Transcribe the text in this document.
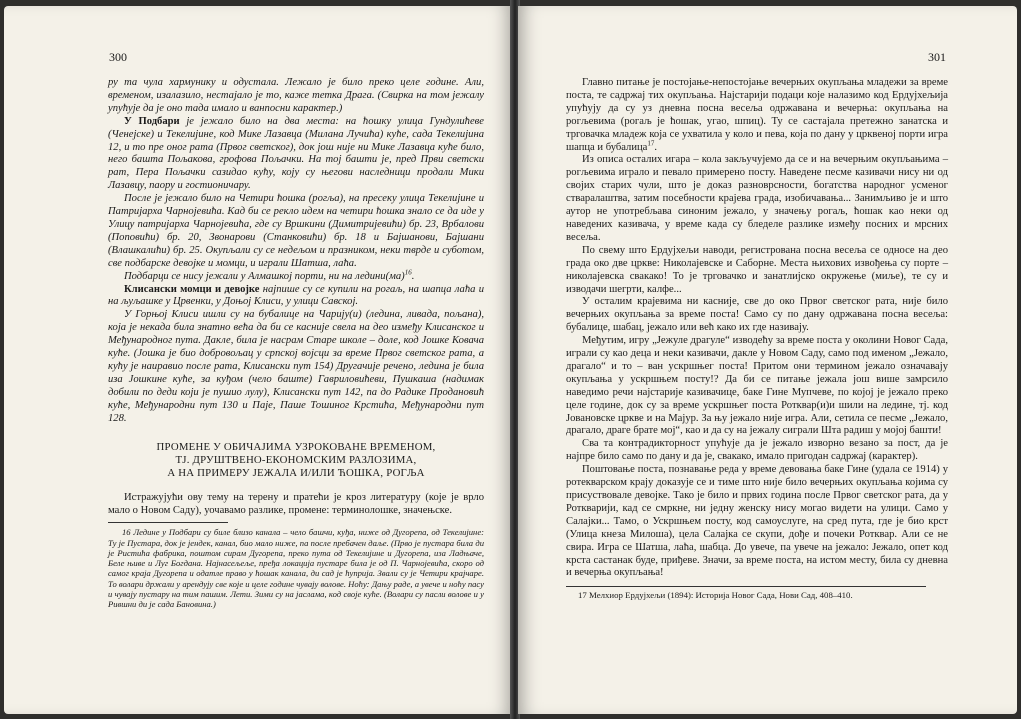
300

ру та чула хармунику и одустала. Лежало је било преко целе године. Али, временом, изалазило, нестајало је то, каже тетка Драга. (Свирка на том јежалу упућује да је оно тада имало и ванпосни карактер.)

У Подбари је јежало било на два места: на ћошку улица Гундулићеве (Ченејске) и Текелијине, код Мике Лазавца (Милана Лучића) куће, сада Текелијина 12, и то пре оног рата (Првог светског), док још није ни Мике Лазавца куће било, него башта Пољакова, грофова Пољачки. На тој башти је, пред Први светски рат, Пера Пољачки сазидао кућу, коју су његови наследници продали Мики Лазавцу, паору и гостионичару.

После је јежало било на Четири ћошка (рогља), на пресеку улица Текелијине и Патријарха Чарнојевића. Кад би се рекло идем на четири ћошка знало се да иде у Улицу патријарха Чарнојевића, где су Вршкини (Димитријевићи) бр. 23, Врбалови (Поповићи) бр. 20, Звонарови (Станковићи) бр. 18 и Бајшанови, Бајшани (Влашкалићи) бр. 25. Окупљали су се недељом и празником, неки тврде и суботом, све подбарске девојке и момци, и играли Шатша, лаћа.

Подбарци се нису јежали у Алмашкој порти, ни на ледини(ма)$^{16}$.

Клисански момци и девојке најпише су се купили на рогаљ, на шапца лаћа и на љуљашке у Црвенки, у Доњој Клиси, у улици Савској.

У Горњој Клиси ишли су на бубалице на Чарију(и) (ледина, ливада, пољана), која је некада била знатно већа да би се касније свела на део између Клисанског и Међународног пута. Дакле, била је насрам Старе школе – доле, код Јошке Ковача куће. (Јошка је био добровољац у српској војсци за време Првог светског рата, а кућу је наиравио после рата, Клисански пут 154) Другачије речено, ледина је била иза Јошкине куће, за куђом (чело баште) Гавриловићеви, Пушкаша (надимак добили по деди који је пушио лулу), Клисански пут 142, па до Радике Продановић куће, Међународни пут 130 и Паје, Паше Тошиног Крстића, Међународни пут 128.

ПРОМЕНЕ У ОБИЧАЈИМА УЗРОКОВАНЕ ВРЕМЕНОМ,
ТЈ. ДРУШТВЕНО-ЕКОНОМСКИМ РАЗЛОЗИМА,
А НА ПРИМЕРУ ЈЕЖАЛА И/ИЛИ ЋОШКА, РОГЉА

Истражујући ову тему на терену и пратећи је кроз литературу (које је врло мало о Новом Саду), уочавамо разлике, промене: терминолошке, значењске.

16 Ледине у Подбари су биле близо канала – чело башчи, куђа, ниже од Дугорепа, од Текелијине: Ту је Пустара, док је јендек, канал, био мало ниже, па после пребачен даље. (Прво је пустара била ди је Ристића фабрика, поштом сирам Дугорепа, преко пута од Текелијине и Дугорепа, иза Ладњаче, Беле њиве и Луг Богдана. Најнасељеље, пређа локација пустаре била је од П. Чарнојевића, скоро од самог краја Дугорепа и одатле право у ћошак канала, ди сад је ћуприја. Звали су је Четири крајчаре. То волари држали у арендују све које и целе године чувају волове. Ноћу: Дању раде, а увече и ноћу пасу и чувају пустару на тим пашим. Лети. Зими су на јаслама, код своје куће. (Волари су пасли волове и у Рившни ди је сада Бановина.)
301

Главно питање је постојање-непостојање вечерњих окупљања младежи за време поста, те садржај тих окупљања. Најстарији подаци које налазимо код Ердујхељија упућују да су уз дневна посна весеља одржавана и вечерња: окупљања на рогљевима (рогаљ је ћошак, угао, шпиц). Ту се састајала претежно занатска и трговачка младеж која се ухватила у коло и пева, која по дану у црквеној порти игра шапца и бубалица$^{17}$.

Из описа осталих игара – кола закључујемо да се и на вечерњим окупљањима – рогљевима играло и певало примерено посту. Наведене песме казивачи нису ни од својих старих чули, што је доказ разноврсности, богатства народног усменог стваралаштва, затим посебности крајева града, изобичавања... Занимљиво је и што аутор не употребљава синоним јежало, у значењу рогаљ, ћошак као неки од наведених казивача, у време када су бледеле разлике између посних и мрсних весеља.

По свему што Ердујхељи наводи, регистрована посна весеља се односе на део града око две цркве: Николајевске и Саборне. Места њихових извођења су порте – николајевска свакако! То је трговачко и занатлијско окружење (миље), те су и изводачи шегрти, калфе...

У осталим крајевима ни касније, све до око Првог светског рата, није било вечерњих окупљања за време поста! Само су по дану одржавана посна весеља: бубалице, шабац, јежало или већ како их где називају.

Међутим, игру „Јежуле драгуле“ изводећу за време поста у околини Новог Сада, играли су као деца и неки казивачи, дакле у Новом Саду, само под именом „Јежало, драгало“ и то – ван ускршњег поста! Притом они термином јежало означавају окупљања у ускршњем посту!? Да би се питање јежала још више замрсило наведимо речи најстарије казивачице, баке Гине Мупчеве, по којој је јежало преко целе године, док су за време ускршњег поста Ротквар(и)и шили на ледине, тј. код Јовановске цркве и на Мајур. За њу јежало није игра. Али, сетила се песме „Јежало, драгало, драге брате мој“, као и да су на јежалу сиграли Шта радиш у мојој башти!

Сва та контрадикторност упућује да је јежало изворно везано за пост, да је најпре било само по дану и да је, свакако, имало пригодан садржај (карактер).

Поштовање поста, познавање реда у време девовања баке Гине (удала се 1914) у ротекварском крају доказује се и тиме што није било вечерњих окупљања којима су присуствовале девојке. Тако је било и првих година после Првог светског рата, да у Роткварији, кад се смркне, ни једну женску нису могао видети на улици. Само у Салајки... Тамо, о Ускршњем посту, код самоуслуге, на сред пута, где је био крст (Улица кнеза Милоша), цела Салајка се скупи, дође и почеки Ротквар. Али се не свира. Игра се Шатша, лаћа, шабца. До увече, па увече на јежало: Јежало, опет код крста састанак буде, приђеве. Значи, за време поста, на истом месту, била су дневна и вечерња окупљања!

17 Мелхиор Ердујхељи (1894): Историја Новог Сада, Нови Сад, 408–410.
